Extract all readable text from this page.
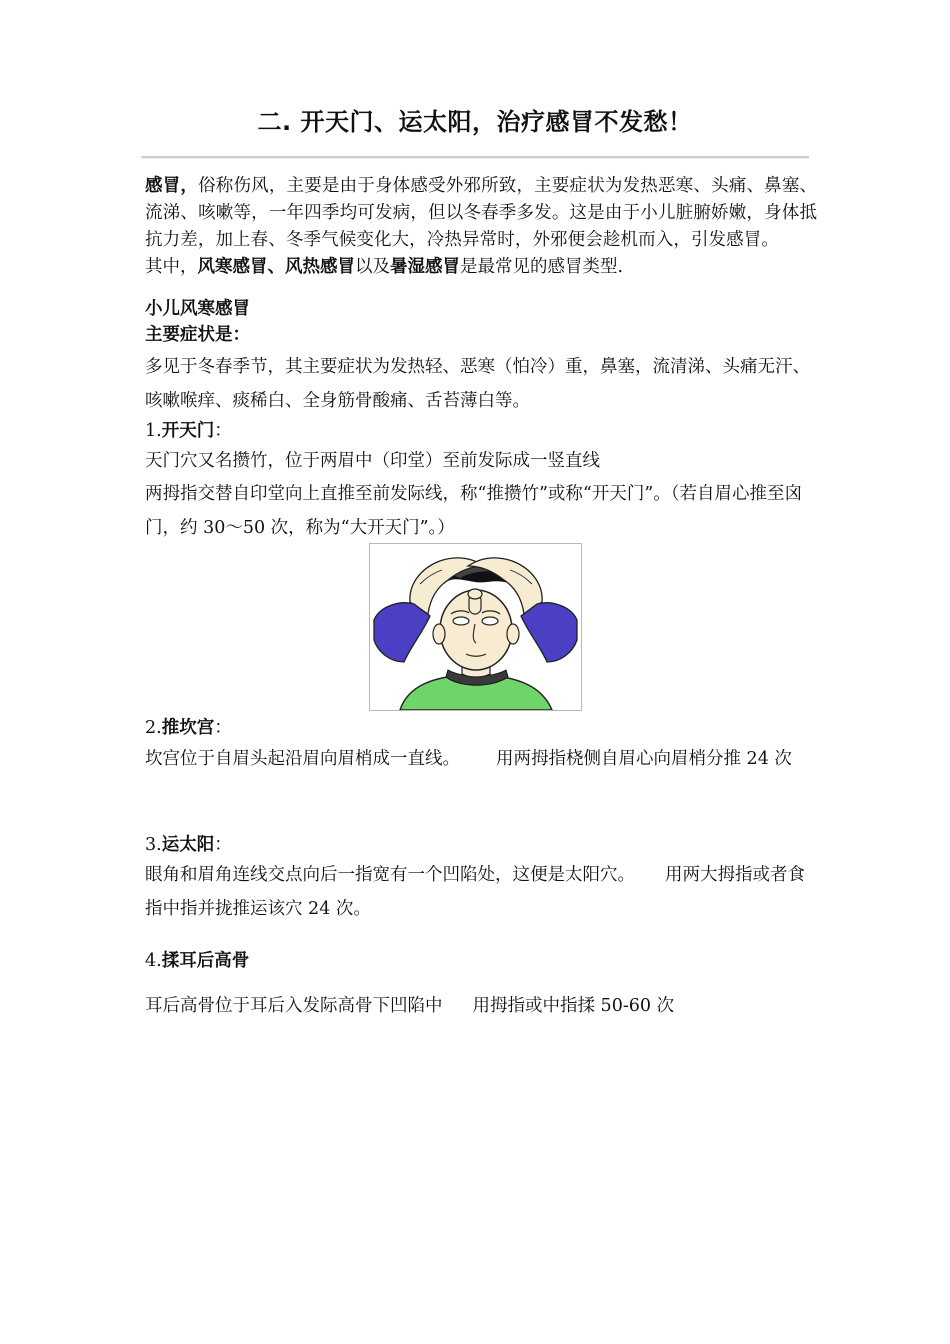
二. 开天门、运太阳，治疗感冒不发愁！
感冒，俗称伤风，主要是由于身体感受外邪所致，主要症状为发热恶寒、头痛、鼻塞、流涕、咳嗽等，一年四季均可发病，但以冬春季多发。这是由于小儿脏腑娇嫩，身体抵抗力差，加上春、冬季气候变化大，冷热异常时，外邪便会趁机而入，引发感冒。其中，风寒感冒、风热感冒以及暑湿感冒是最常见的感冒类型.
小儿风寒感冒
主要症状是：
多见于冬春季节，其主要症状为发热轻、恶寒（怕冷）重，鼻塞，流清涕、头痛无汗、咳嗽喉痒、痰稀白、全身筋骨酸痛、舌苔薄白等。
1.开天门：
天门穴又名攒竹，位于两眉中（印堂）至前发际成一竖直线
两拇指交替自印堂向上直推至前发际线，称“推攒竹”或称“开天门”。（若自眉心推至囟门，约 30～50 次，称为“大开天门”。）
2.推坎宫：
坎宫位于自眉头起沿眉向眉梢成一直线。 用两拇指桡侧自眉心向眉梢分推 24 次
3.运太阳：
眼角和眉角连线交点向后一指宽有一个凹陷处，这便是太阳穴。 用两大拇指或者食指中指并拢推运该穴 24 次。
4.揉耳后高骨
耳后高骨位于耳后入发际高骨下凹陷中 用拇指或中指揉 50-60 次
